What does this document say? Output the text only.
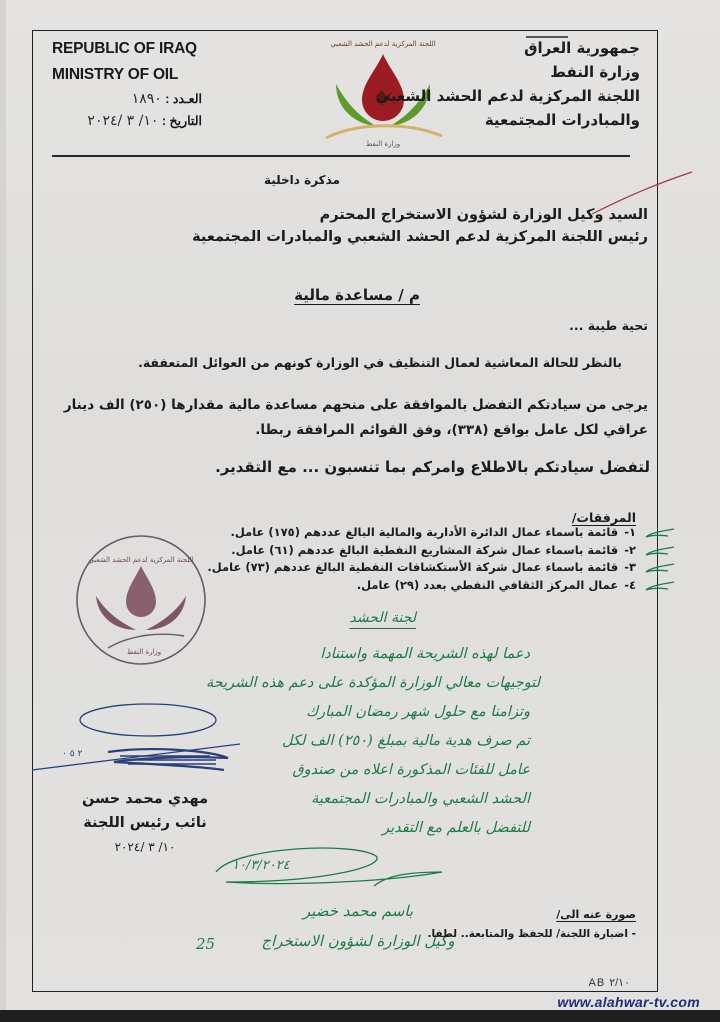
REPUBLIC OF IRAQ
MINISTRY OF OIL
العـدد : ١٨٩٠
التاريخ : ١٠/ ٣ /٢٠٢٤
اللجنة المركزية لدعم الحشد الشعبي
وزارة النفط
جمهورية العراق
وزارة النفط
اللجنة المركزية لدعم الحشد الشعبي
والمبادرات المجتمعية
مذكرة داخلية
السيد وكيل الوزارة لشؤون الاستخراج المحترم
رئيس اللجنة المركزية لدعم الحشد الشعبي والمبادرات المجتمعية
م / مساعدة مالية
تحية طيبة ...
بالنظر للحالة المعاشية لعمال التنظيف في الوزارة كونهم من العوائل المتعففة.
يرجى من سيادتكم التفضل بالموافقة على منحهم مساعدة مالية مقدارها (٢٥٠) الف دينار عراقي لكل عامل بواقع (٣٣٨)، وفق القوائم المرافقة ربطا.
لتفضل سيادتكم بالاطلاع وامركم بما تنسبون ... مع التقدير.
المرفقات/
١-قائمة باسماء عمال الدائرة الأدارية والمالية البالغ عددهم (١٧٥) عامل.
٢-قائمة باسماء عمال شركة المشاريع النفطية البالغ عددهم (٦١) عامل.
٣-قائمة باسماء عمال شركة الأستكشافات النفطية البالغ عددهم (٧٣) عامل.
٤-عمال المركز الثقافي النفطي بعدد (٢٩) عامل.
اللجنة المركزية لدعم الحشد الشعبي
وزارة النفط
٢ ٥ ٠
مهدي محمد حسن
نائب رئيس اللجنة
١٠/ ٣ /٢٠٢٤
لجنة الحشد
دعما لهذه الشريحة المهمة واستنادا
لتوجيهات معالي الوزارة المؤكدة على دعم هذه الشريحة
وتزامنا مع حلول شهر رمضان المبارك
تم صرف هدية مالية بمبلغ (٢٥٠) الف لكل
عامل للفئات المذكورة اعلاه من صندوق
الحشد الشعبي والمبادرات المجتمعية
للتفضل بالعلم مع التقدير
١٠/٣/٢٠٢٤
باسم محمد خضير
وكيل الوزارة لشؤون الاستخراج
25
صورة عنه الى/
- اضبارة اللجنة/ للحفظ والمتابعة.. لطفا.
AB ٢/١٠
www.alahwar-tv.com
